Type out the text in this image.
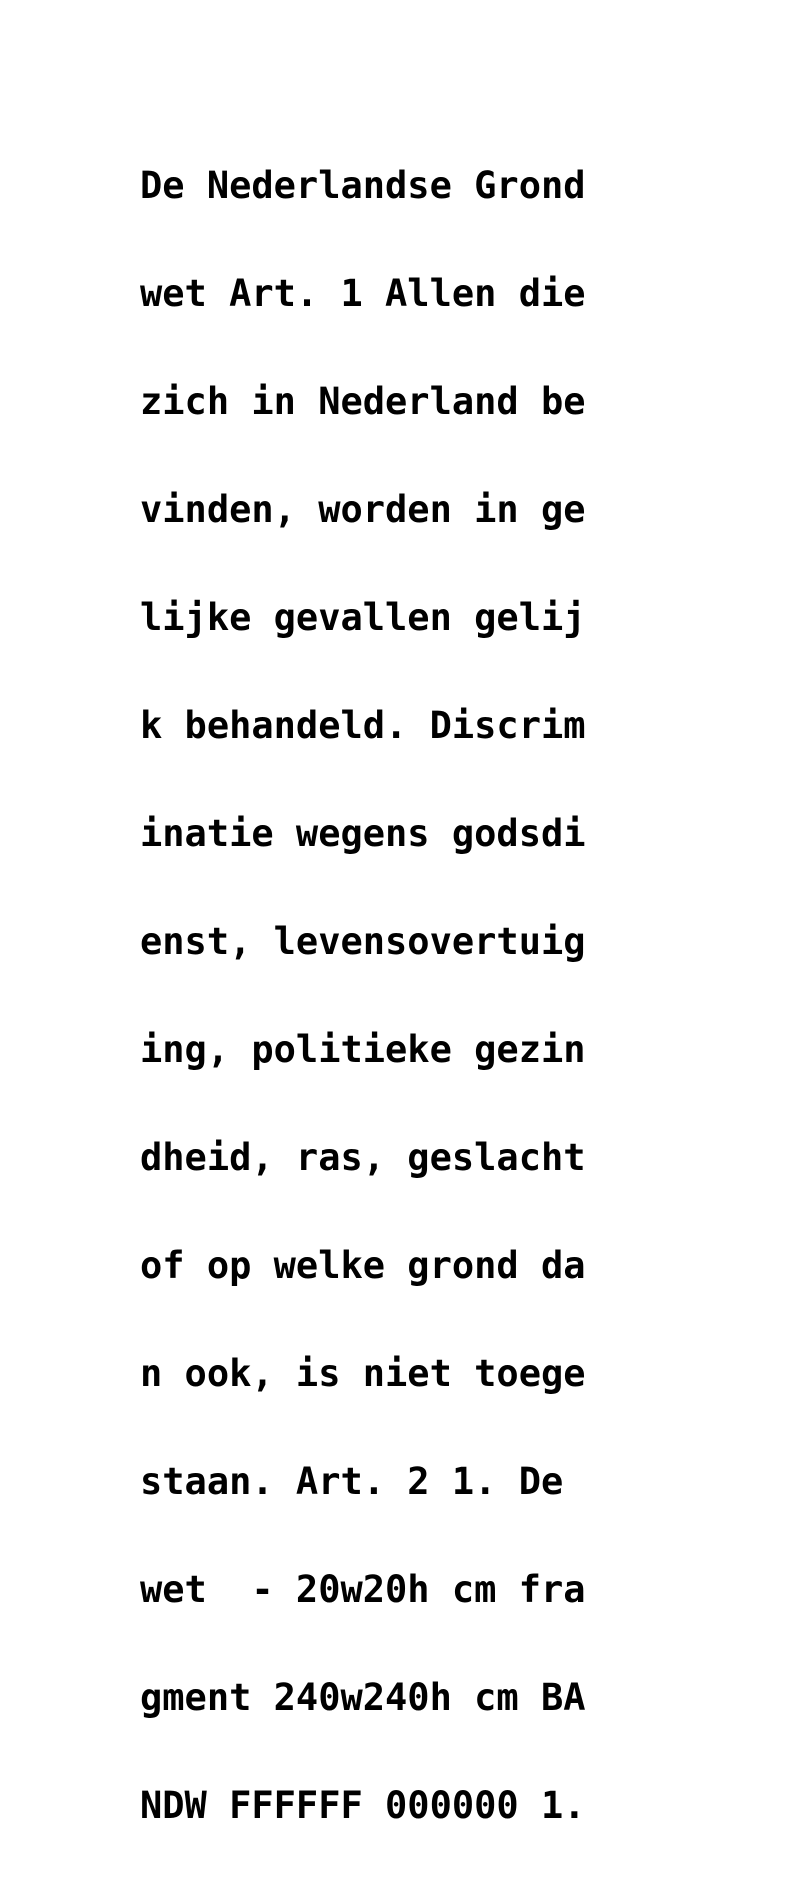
De Nederlandse Grond

wet Art. 1 Allen die

zich in Nederland be

vinden, worden in ge

lijke gevallen gelij

k behandeld. Discrim

inatie wegens godsdi

enst, levensovertuig

ing, politieke gezin

dheid, ras, geslacht

of op welke grond da

n ook, is niet toege

staan. Art. 2 1. De

wet  - 20w20h cm fra

gment 240w240h cm BA

NDW FFFFFF 000000 1.
